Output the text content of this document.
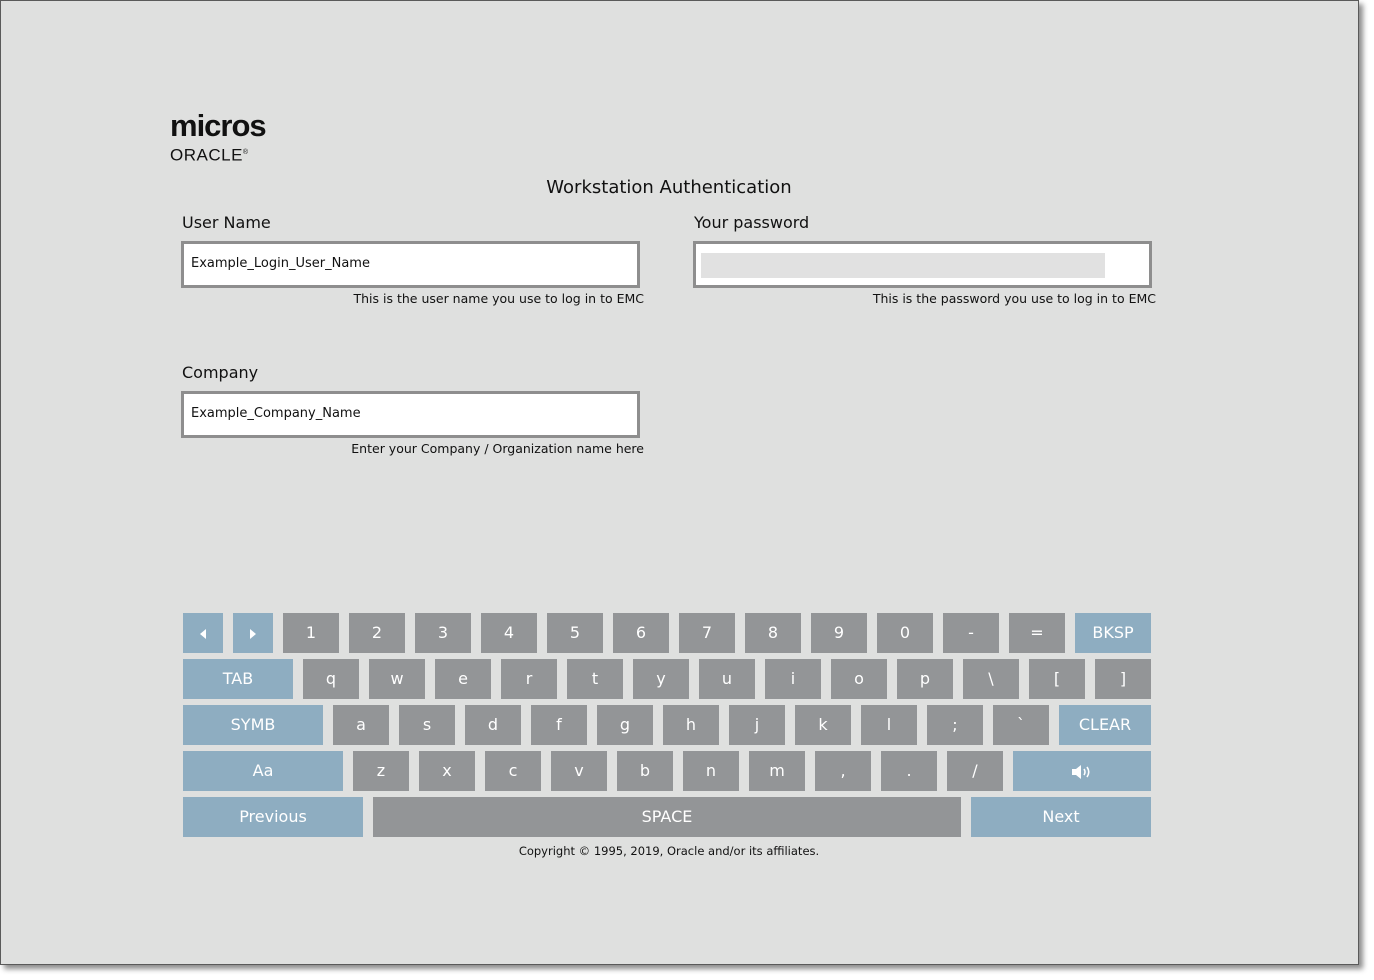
micros
ORACLE®
Workstation Authentication
User Name
Example_Login_User_Name
This is the user name you use to log in to EMC
Your password
This is the password you use to log in to EMC
Company
Example_Company_Name
Enter your Company / Organization name here
1	2	3	4	5	6	7	8	9	0	-	=	BKSP
TAB	q	w	e	r	t	y	u	i	o	p	\	[	]
SYMB	a	s	d	f	g	h	j	k	l	;	`	CLEAR
Aa	z	x	c	v	b	n	m	,	.	/
Previous	SPACE	Next
Copyright © 1995, 2019, Oracle and/or its affiliates.
